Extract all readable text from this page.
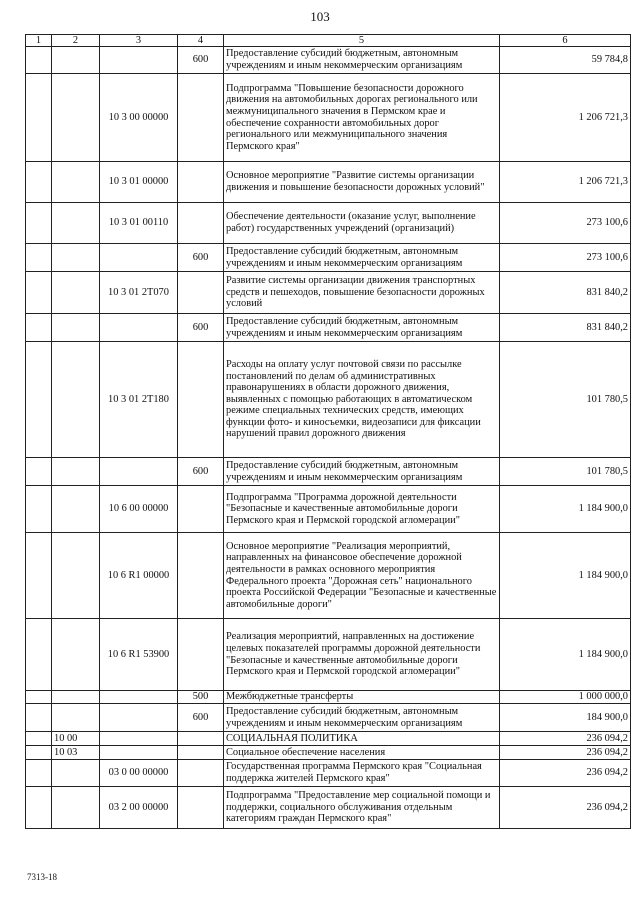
103
1	2	3	4	5	6
			600	Предоставление субсидий бюджетным, автономным учреждениям и иным некоммерческим организациям	59 784,8
		10 3 00 00000		Подпрограмма "Повышение безопасности дорожного движения на автомобильных дорогах регионального или межмуниципального значения в Пермском крае и обеспечение сохранности автомобильных дорог регионального или межмуниципального значения Пермского края"	1 206 721,3
		10 3 01 00000		Основное мероприятие "Развитие системы организации движения и повышение безопасности дорожных условий"	1 206 721,3
		10 3 01 00110		Обеспечение деятельности (оказание услуг, выполнение работ) государственных учреждений (организаций)	273 100,6
			600	Предоставление субсидий бюджетным, автономным учреждениям и иным некоммерческим организациям	273 100,6
		10 3 01 2Т070		Развитие системы организации движения транспортных средств и пешеходов, повышение безопасности дорожных условий	831 840,2
			600	Предоставление субсидий бюджетным, автономным учреждениям и иным некоммерческим организациям	831 840,2
		10 3 01 2Т180		Расходы на оплату услуг почтовой связи по рассылке постановлений по делам об административных правонарушениях в области дорожного движения, выявленных с помощью работающих в автоматическом режиме специальных технических средств, имеющих функции фото- и киносъемки, видеозаписи для фиксации нарушений правил дорожного движения	101 780,5
			600	Предоставление субсидий бюджетным, автономным учреждениям и иным некоммерческим организациям	101 780,5
		10 6 00 00000		Подпрограмма "Программа дорожной деятельности "Безопасные и качественные автомобильные дороги Пермского края и Пермской городской агломерации"	1 184 900,0
		10 6 R1 00000		Основное мероприятие "Реализация мероприятий, направленных на финансовое обеспечение дорожной деятельности в рамках основного мероприятия Федерального проекта "Дорожная сеть" национального проекта Российской Федерации "Безопасные и качественные автомобильные дороги"	1 184 900,0
		10 6 R1 53900		Реализация мероприятий, направленных на достижение целевых показателей программы дорожной деятельности "Безопасные и качественные автомобильные дороги Пермского края и Пермской городской агломерации"	1 184 900,0
			500	Межбюджетные трансферты	1 000 000,0
			600	Предоставление субсидий бюджетным, автономным учреждениям и иным некоммерческим организациям	184 900,0
	10 00			СОЦИАЛЬНАЯ ПОЛИТИКА	236 094,2
	10 03			Социальное обеспечение населения	236 094,2
		03 0 00 00000		Государственная программа Пермского края "Социальная поддержка жителей Пермского края"	236 094,2
		03 2 00 00000		Подпрограмма "Предоставление мер социальной помощи и поддержки, социального обслуживания отдельным категориям граждан Пермского края"	236 094,2
7313-18
